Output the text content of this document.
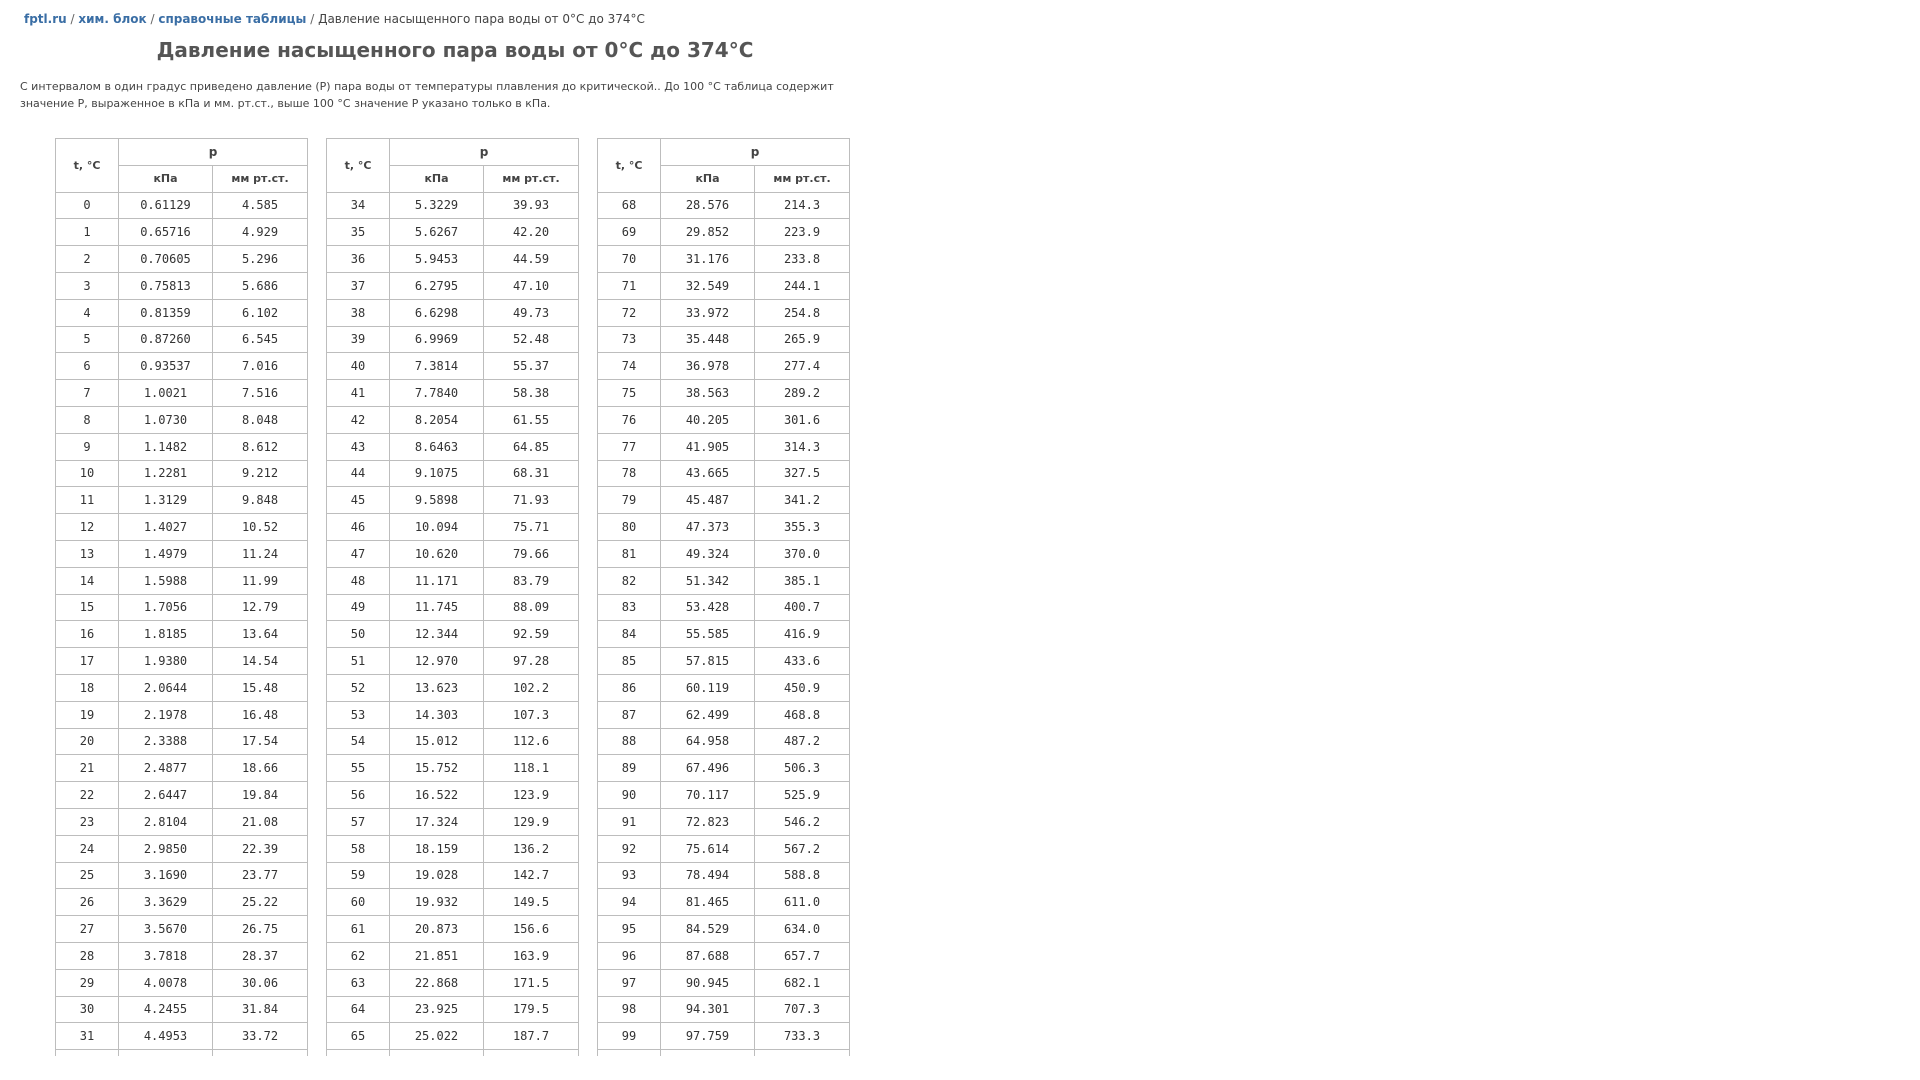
fptl.ru / хим. блок / справочные таблицы / Давление насыщенного пара воды от 0°С до 374°С
Давление насыщенного пара воды от 0°С до 374°С

С интервалом в один градус приведено давление (Р) пара воды от температуры плавления до критической.. До 100 °С таблица содержит значение Р, выраженное в кПа и мм. рт.ст., выше 100 °С значение Р указано только в кПа.

t, °C	p			t, °C	p			t, °C	p	
	кПа	мм рт.ст.			кПа	мм рт.ст.			кПа	мм рт.ст.
0	0.61129	4.585		34	5.3229	39.93		68	28.576	214.3
1	0.65716	4.929		35	5.6267	42.20		69	29.852	223.9
2	0.70605	5.296		36	5.9453	44.59		70	31.176	233.8
3	0.75813	5.686		37	6.2795	47.10		71	32.549	244.1
4	0.81359	6.102		38	6.6298	49.73		72	33.972	254.8
5	0.87260	6.545		39	6.9969	52.48		73	35.448	265.9
6	0.93537	7.016		40	7.3814	55.37		74	36.978	277.4
7	1.0021	7.516		41	7.7840	58.38		75	38.563	289.2
8	1.0730	8.048		42	8.2054	61.55		76	40.205	301.6
9	1.1482	8.612		43	8.6463	64.85		77	41.905	314.3
10	1.2281	9.212		44	9.1075	68.31		78	43.665	327.5
11	1.3129	9.848		45	9.5898	71.93		79	45.487	341.2
12	1.4027	10.52		46	10.094	75.71		80	47.373	355.3
13	1.4979	11.24		47	10.620	79.66		81	49.324	370.0
14	1.5988	11.99		48	11.171	83.79		82	51.342	385.1
15	1.7056	12.79		49	11.745	88.09		83	53.428	400.7
16	1.8185	13.64		50	12.344	92.59		84	55.585	416.9
17	1.9380	14.54		51	12.970	97.28		85	57.815	433.6
18	2.0644	15.48		52	13.623	102.2		86	60.119	450.9
19	2.1978	16.48		53	14.303	107.3		87	62.499	468.8
20	2.3388	17.54		54	15.012	112.6		88	64.958	487.2
21	2.4877	18.66		55	15.752	118.1		89	67.496	506.3
22	2.6447	19.84		56	16.522	123.9		90	70.117	525.9
23	2.8104	21.08		57	17.324	129.9		91	72.823	546.2
24	2.9850	22.39		58	18.159	136.2		92	75.614	567.2
25	3.1690	23.77		59	19.028	142.7		93	78.494	588.8
26	3.3629	25.22		60	19.932	149.5		94	81.465	611.0
27	3.5670	26.75		61	20.873	156.6		95	84.529	634.0
28	3.7818	28.37		62	21.851	163.9		96	87.688	657.7
29	4.0078	30.06		63	22.868	171.5		97	90.945	682.1
30	4.2455	31.84		64	23.925	179.5		98	94.301	707.3
31	4.4953	33.72		65	25.022	187.7		99	97.759	733.3
